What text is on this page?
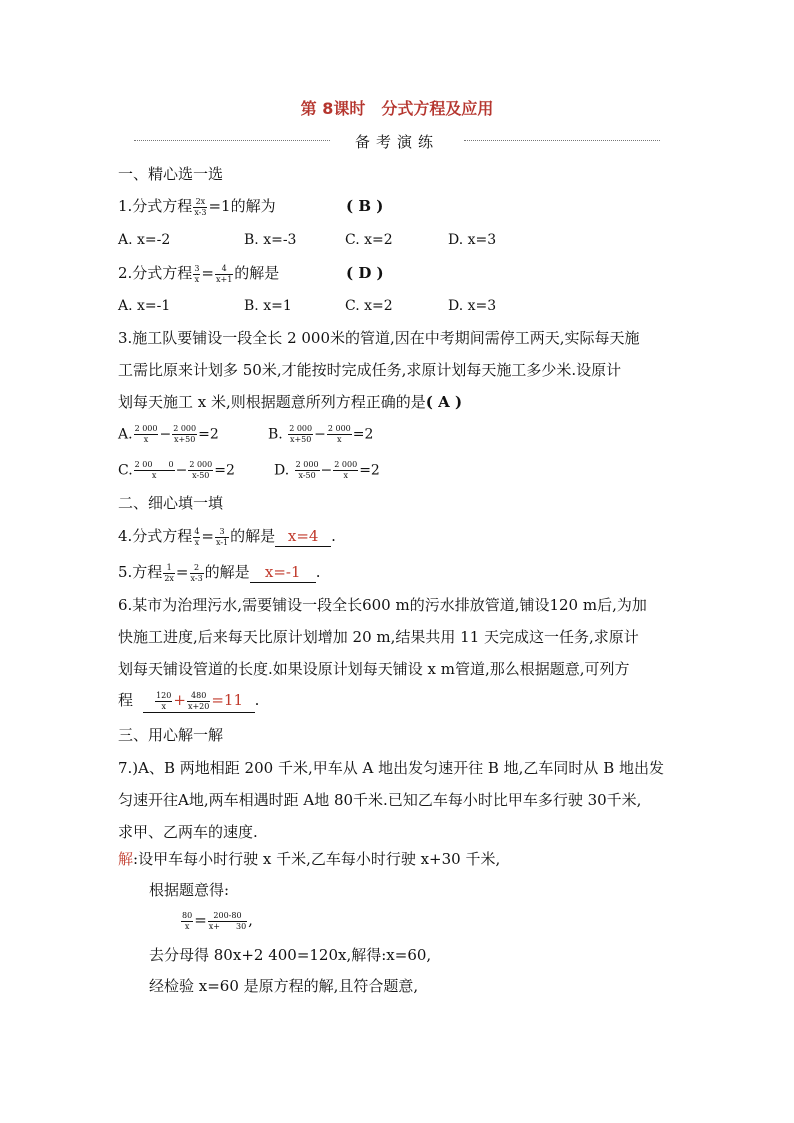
第 8课时　分式方程及应用
备考演练
一、精心选一选
1.分式方程 $\frac{2x}{x-3} =1$的解为	( B )
A. x=-2	B. x=-3	C. x=2	D. x=3
2.分式方程 $\frac{3}{x} = \frac{4}{x+1}$ 的解是	( D )
A. x=-1	B. x=1	C. x=2	D. x=3
3.施工队要铺设一段全长 2 000米的管道,因在中考期间需停工两天,实际每天施
工需比原来计划多 50米,才能按时完成任务,求原计划每天施工多少米.设原计
划每天施工 x 米,则根据题意所列方程正确的是( A )
A. $\frac{2 000}{x} - \frac{2 000}{x+50} =2$	B. $\frac{2 000}{x+50} - \frac{2 000}{x} =2$
C. $\frac{2 00 0}{x} - \frac{2 000}{x-50} =2$	D. $\frac{2 000}{x-50} - \frac{2 000}{x} =2$
二、细心填一填
4.分式方程 $\frac{4}{x} = \frac{3}{x-1}$ 的解是 x=4 .
5.方程 $\frac{1}{2x} = \frac{2}{x-3}$ 的解是 x=-1 .
6.某市为治理污水,需要铺设一段全长600 m的污水排放管道,铺设120 m后,为加
快施工进度,后来每天比原计划增加 20 m,结果共用 11 天完成这一任务,求原计
划每天铺设管道的长度.如果设原计划每天铺设 x m管道,那么根据题意,可列方
程	$\frac{120}{x} + \frac{480}{x+20} =11$ .
三、用心解一解
7.)A、B 两地相距 200 千米,甲车从 A 地出发匀速开往 B 地,乙车同时从 B 地出发
匀速开往A地,两车相遇时距 A地 80千米.已知乙车每小时比甲车多行驶 30千米,
求甲、乙两车的速度.
解:设甲车每小时行驶 x 千米,乙车每小时行驶 x+30 千米,
根据题意得:
$\frac{80}{x} = \frac{200-80}{x+ 30}$ ,
去分母得 80x+2 400=120x,解得:x=60,
经检验 x=60 是原方程的解,且符合题意,
